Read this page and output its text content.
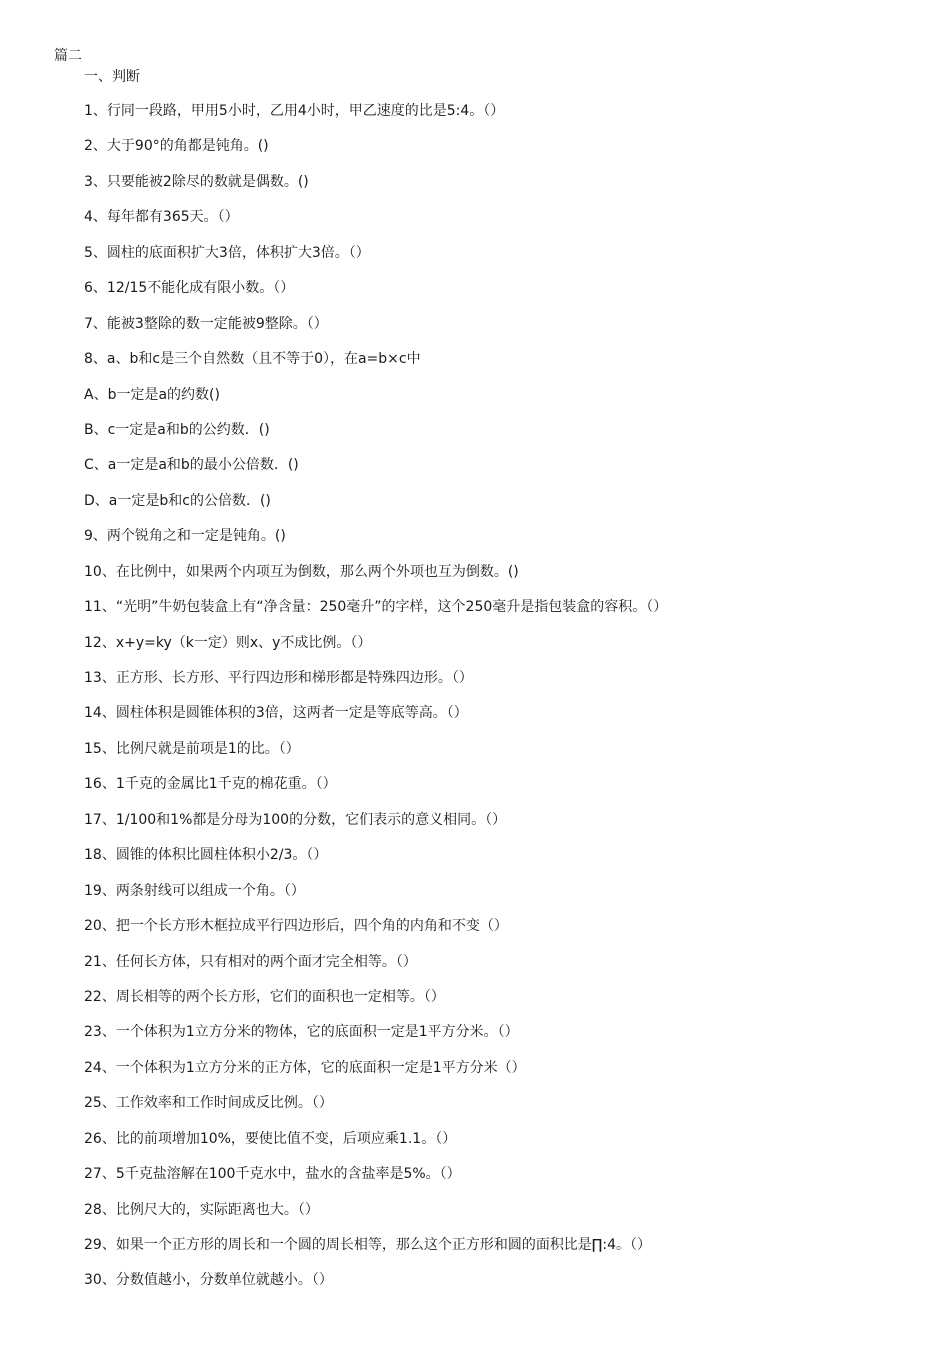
篇二
一、判断
1、行同一段路，甲用5小时，乙用4小时，甲乙速度的比是5:4。（）
2、大于90°的角都是钝角。()
3、只要能被2除尽的数就是偶数。()
4、每年都有365天。（）
5、圆柱的底面积扩大3倍，体积扩大3倍。（）
6、12/15不能化成有限小数。（）
7、能被3整除的数一定能被9整除。（）
8、a、b和c是三个自然数（且不等于0），在a=b×c中
A、b一定是a的约数()
B、c一定是a和b的公约数．()
C、a一定是a和b的最小公倍数．()
D、a一定是b和c的公倍数．()
9、两个锐角之和一定是钝角。()
10、在比例中，如果两个内项互为倒数，那么两个外项也互为倒数。()
11、“光明”牛奶包装盒上有“净含量：250毫升”的字样，这个250毫升是指包装盒的容积。（）
12、x+y=ky（k一定）则x、y不成比例。（）
13、正方形、长方形、平行四边形和梯形都是特殊四边形。（）
14、圆柱体积是圆锥体积的3倍，这两者一定是等底等高。（）
15、比例尺就是前项是1的比。（）
16、1千克的金属比1千克的棉花重。（）
17、1/100和1%都是分母为100的分数，它们表示的意义相同。（）
18、圆锥的体积比圆柱体积小2/3。（）
19、两条射线可以组成一个角。（）
20、把一个长方形木框拉成平行四边形后，四个角的内角和不变（）
21、任何长方体，只有相对的两个面才完全相等。（）
22、周长相等的两个长方形，它们的面积也一定相等。（）
23、一个体积为1立方分米的物体，它的底面积一定是1平方分米。（）
24、一个体积为1立方分米的正方体，它的底面积一定是1平方分米（）
25、工作效率和工作时间成反比例。（）
26、比的前项增加10%，要使比值不变，后项应乘1.1。（）
27、5千克盐溶解在100千克水中，盐水的含盐率是5%。（）
28、比例尺大的，实际距离也大。（）
29、如果一个正方形的周长和一个圆的周长相等，那么这个正方形和圆的面积比是∏:4。（）
30、分数值越小，分数单位就越小。（）
